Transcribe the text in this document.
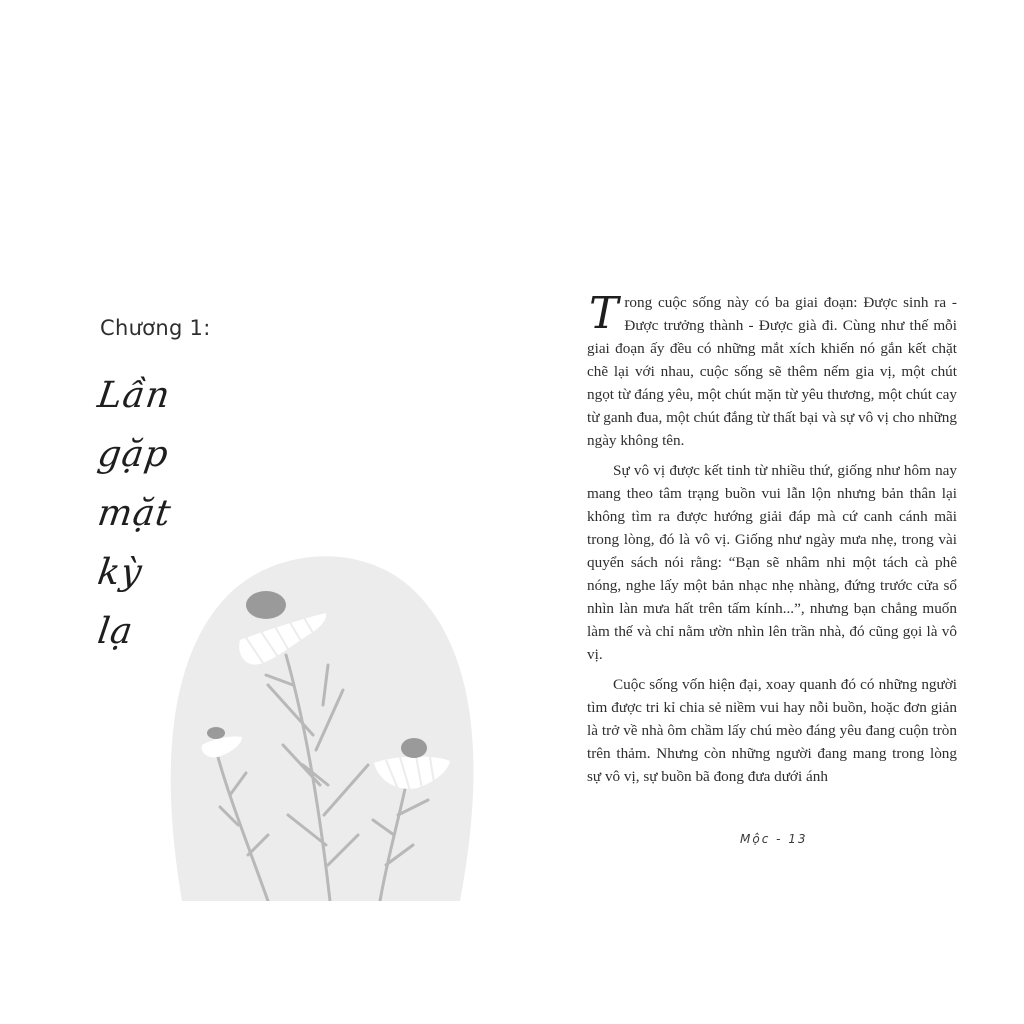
Chương 1:
Lần
gặp
mặt
kỳ
lạ

Trong cuộc sống này có ba giai đoạn: Được sinh ra - Được trưởng thành - Được già đi. Cùng như thế mỗi giai đoạn ấy đều có những mắt xích khiến nó gắn kết chặt chẽ lại với nhau, cuộc sống sẽ thêm nếm gia vị, một chút ngọt từ đáng yêu, một chút mặn từ yêu thương, một chút cay từ ganh đua, một chút đắng từ thất bại và sự vô vị cho những ngày không tên.

Sự vô vị được kết tinh từ nhiều thứ, giống như hôm nay mang theo tâm trạng buồn vui lẫn lộn nhưng bản thân lại không tìm ra được hướng giải đáp mà cứ canh cánh mãi trong lòng, đó là vô vị. Giống như ngày mưa nhẹ, trong vài quyển sách nói rằng: “Bạn sẽ nhâm nhi một tách cà phê nóng, nghe lấy một bản nhạc nhẹ nhàng, đứng trước cửa sổ nhìn làn mưa hất trên tấm kính...”, nhưng bạn chẳng muốn làm thế và chỉ nằm ườn nhìn lên trần nhà, đó cũng gọi là vô vị.

Cuộc sống vốn hiện đại, xoay quanh đó có những người tìm được tri kỉ chia sẻ niềm vui hay nỗi buồn, hoặc đơn giản là trở về nhà ôm chầm lấy chú mèo đáng yêu đang cuộn tròn trên thảm. Nhưng còn những người đang mang trong lòng sự vô vị, sự buồn bã đong đưa dưới ánh

Mộc - 13
